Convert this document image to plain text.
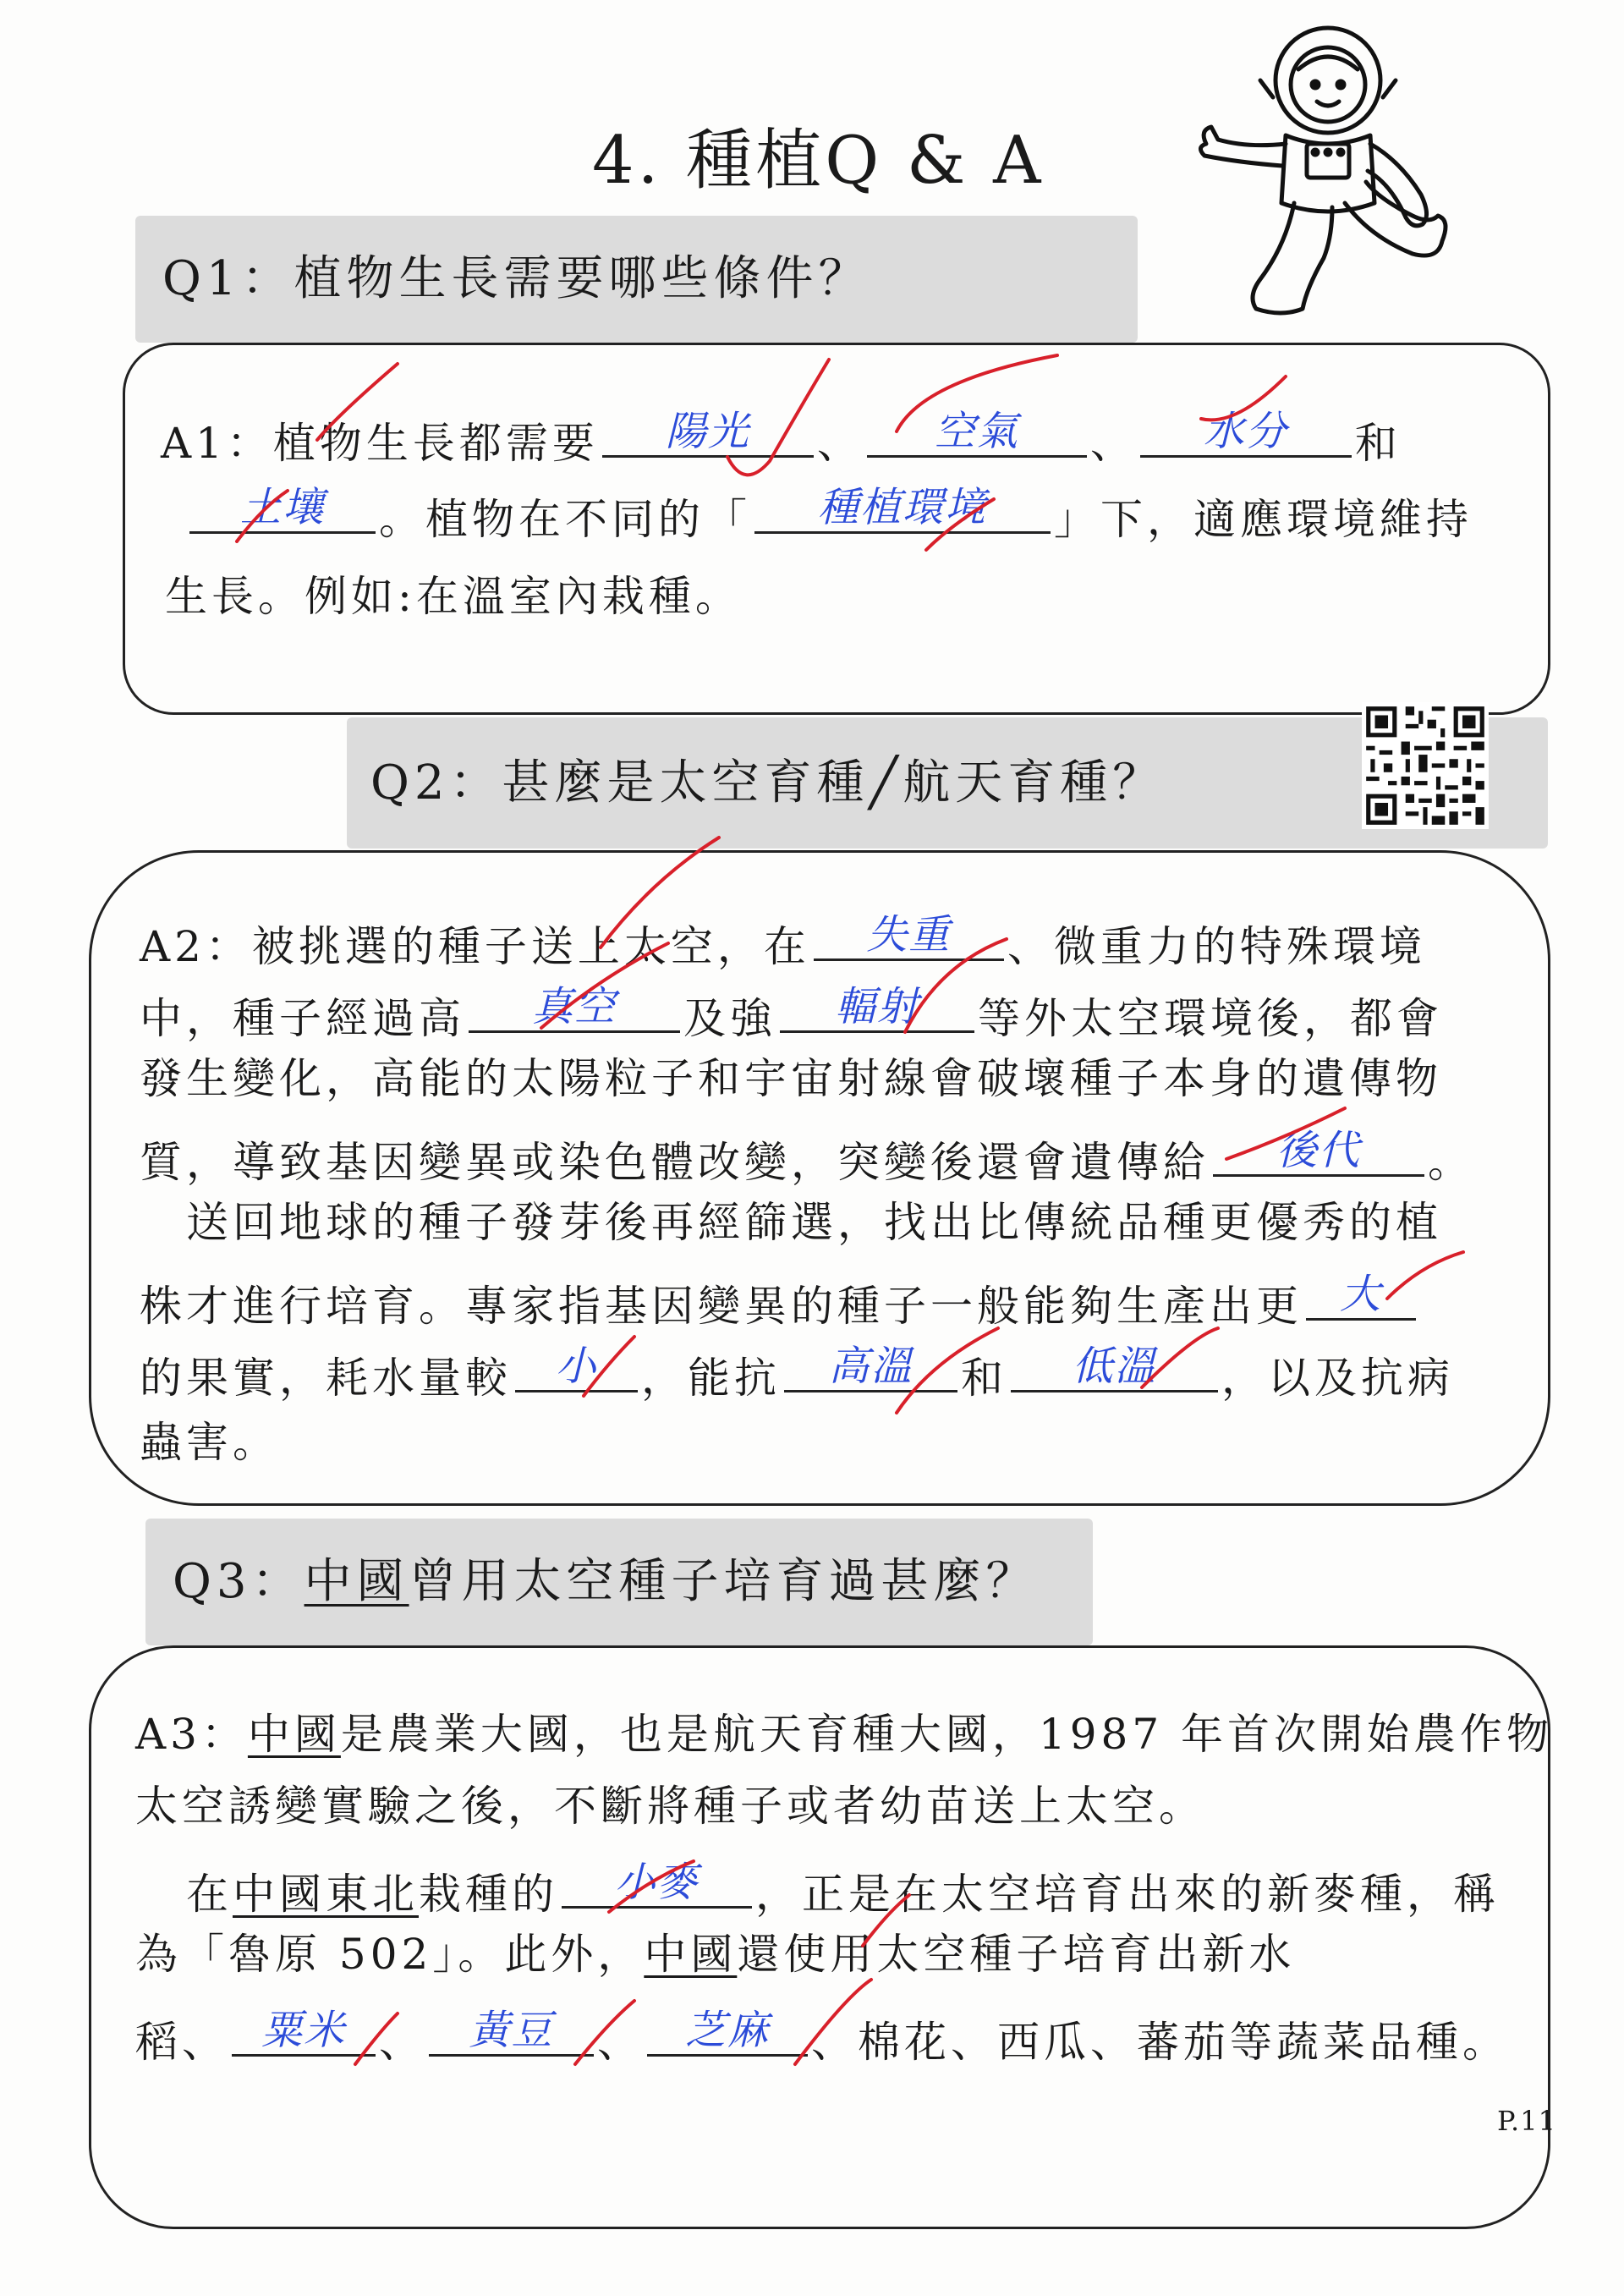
4. 種植Q & A
Q1：植物生長需要哪些條件？
A1：植物生長都需要	陽光	、	空氣	、	水分	和
土壤	。植物在不同的「	種植環境	」下，適應環境維持
生長。例如:在溫室內栽種。
Q2：甚麼是太空育種╱航天育種？
A2：被挑選的種子送上太空，在	失重	、微重力的特殊環境
中，種子經過高	真空	及強	輻射	等外太空環境後，都會
發生變化，高能的太陽粒子和宇宙射線會破壞種子本身的遺傳物
質，導致基因變異或染色體改變，突變後還會遺傳給	後代	。
送回地球的種子發芽後再經篩選，找出比傳統品種更優秀的植
株才進行培育。專家指基因變異的種子一般能夠生產出更 大
的果實，耗水量較	小	，能抗	高溫	和	低溫	，以及抗病
蟲害。
Q3：中國曾用太空種子培育過甚麼？
A3：中國是農業大國，也是航天育種大國，1987 年首次開始農作物
太空誘變實驗之後，不斷將種子或者幼苗送上太空。
在中國東北栽種的	小麥	，正是在太空培育出來的新麥種，稱
為「魯原 502」。此外，中國還使用太空種子培育出新水
稻、 粟米 、	黃豆	、	芝麻 、棉花、西瓜、蕃茄等蔬菜品種。
P.11
